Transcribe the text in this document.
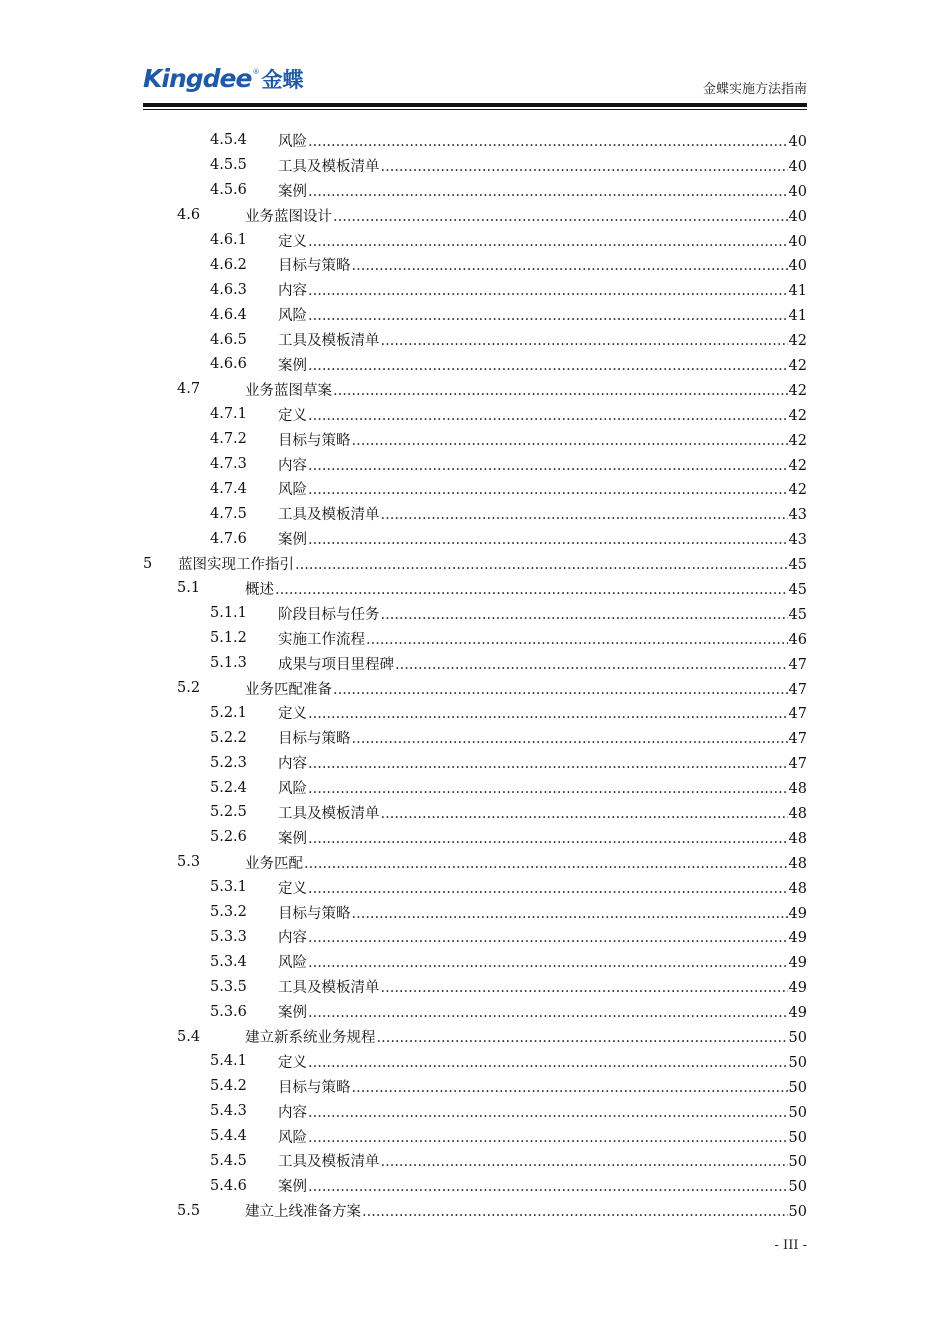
Kingdee ® 金蝶	金蝶实施方法指南
4.5.4 风险 .....	40
4.5.5 工具及模板清单 .....	40
4.5.6 案例 .....	40
4.6	业务蓝图设计 .....	40
4.6.1 定义 .....	40
4.6.2 目标与策略 .....	40
4.6.3 内容 .....	41
4.6.4 风险 .....	41
4.6.5 工具及模板清单 .....	42
4.6.6 案例 .....	42
4.7	业务蓝图草案 .....	42
4.7.1 定义 .....	42
4.7.2 目标与策略 .....	42
4.7.3 内容 .....	42
4.7.4 风险 .....	42
4.7.5 工具及模板清单 .....	43
4.7.6 案例 .....	43
5 蓝图实现工作指引 .....	45
5.1	概述 .....	45
5.1.1 阶段目标与任务 .....	45
5.1.2 实施工作流程 .....	46
5.1.3 成果与项目里程碑 .....	47
5.2	业务匹配准备 .....	47
5.2.1 定义 .....	47
5.2.2 目标与策略 .....	47
5.2.3 内容 .....	47
5.2.4 风险 .....	48
5.2.5 工具及模板清单 .....	48
5.2.6 案例 .....	48
5.3	业务匹配 .....	48
5.3.1 定义 .....	48
5.3.2 目标与策略 .....	49
5.3.3 内容 .....	49
5.3.4 风险 .....	49
5.3.5 工具及模板清单 .....	49
5.3.6 案例 .....	49
5.4	建立新系统业务规程 .....	50
5.4.1 定义 .....	50
5.4.2 目标与策略 .....	50
5.4.3 内容 .....	50
5.4.4 风险 .....	50
5.4.5 工具及模板清单 .....	50
5.4.6 案例 .....	50
5.5	建立上线准备方案 .....	50
- III -
